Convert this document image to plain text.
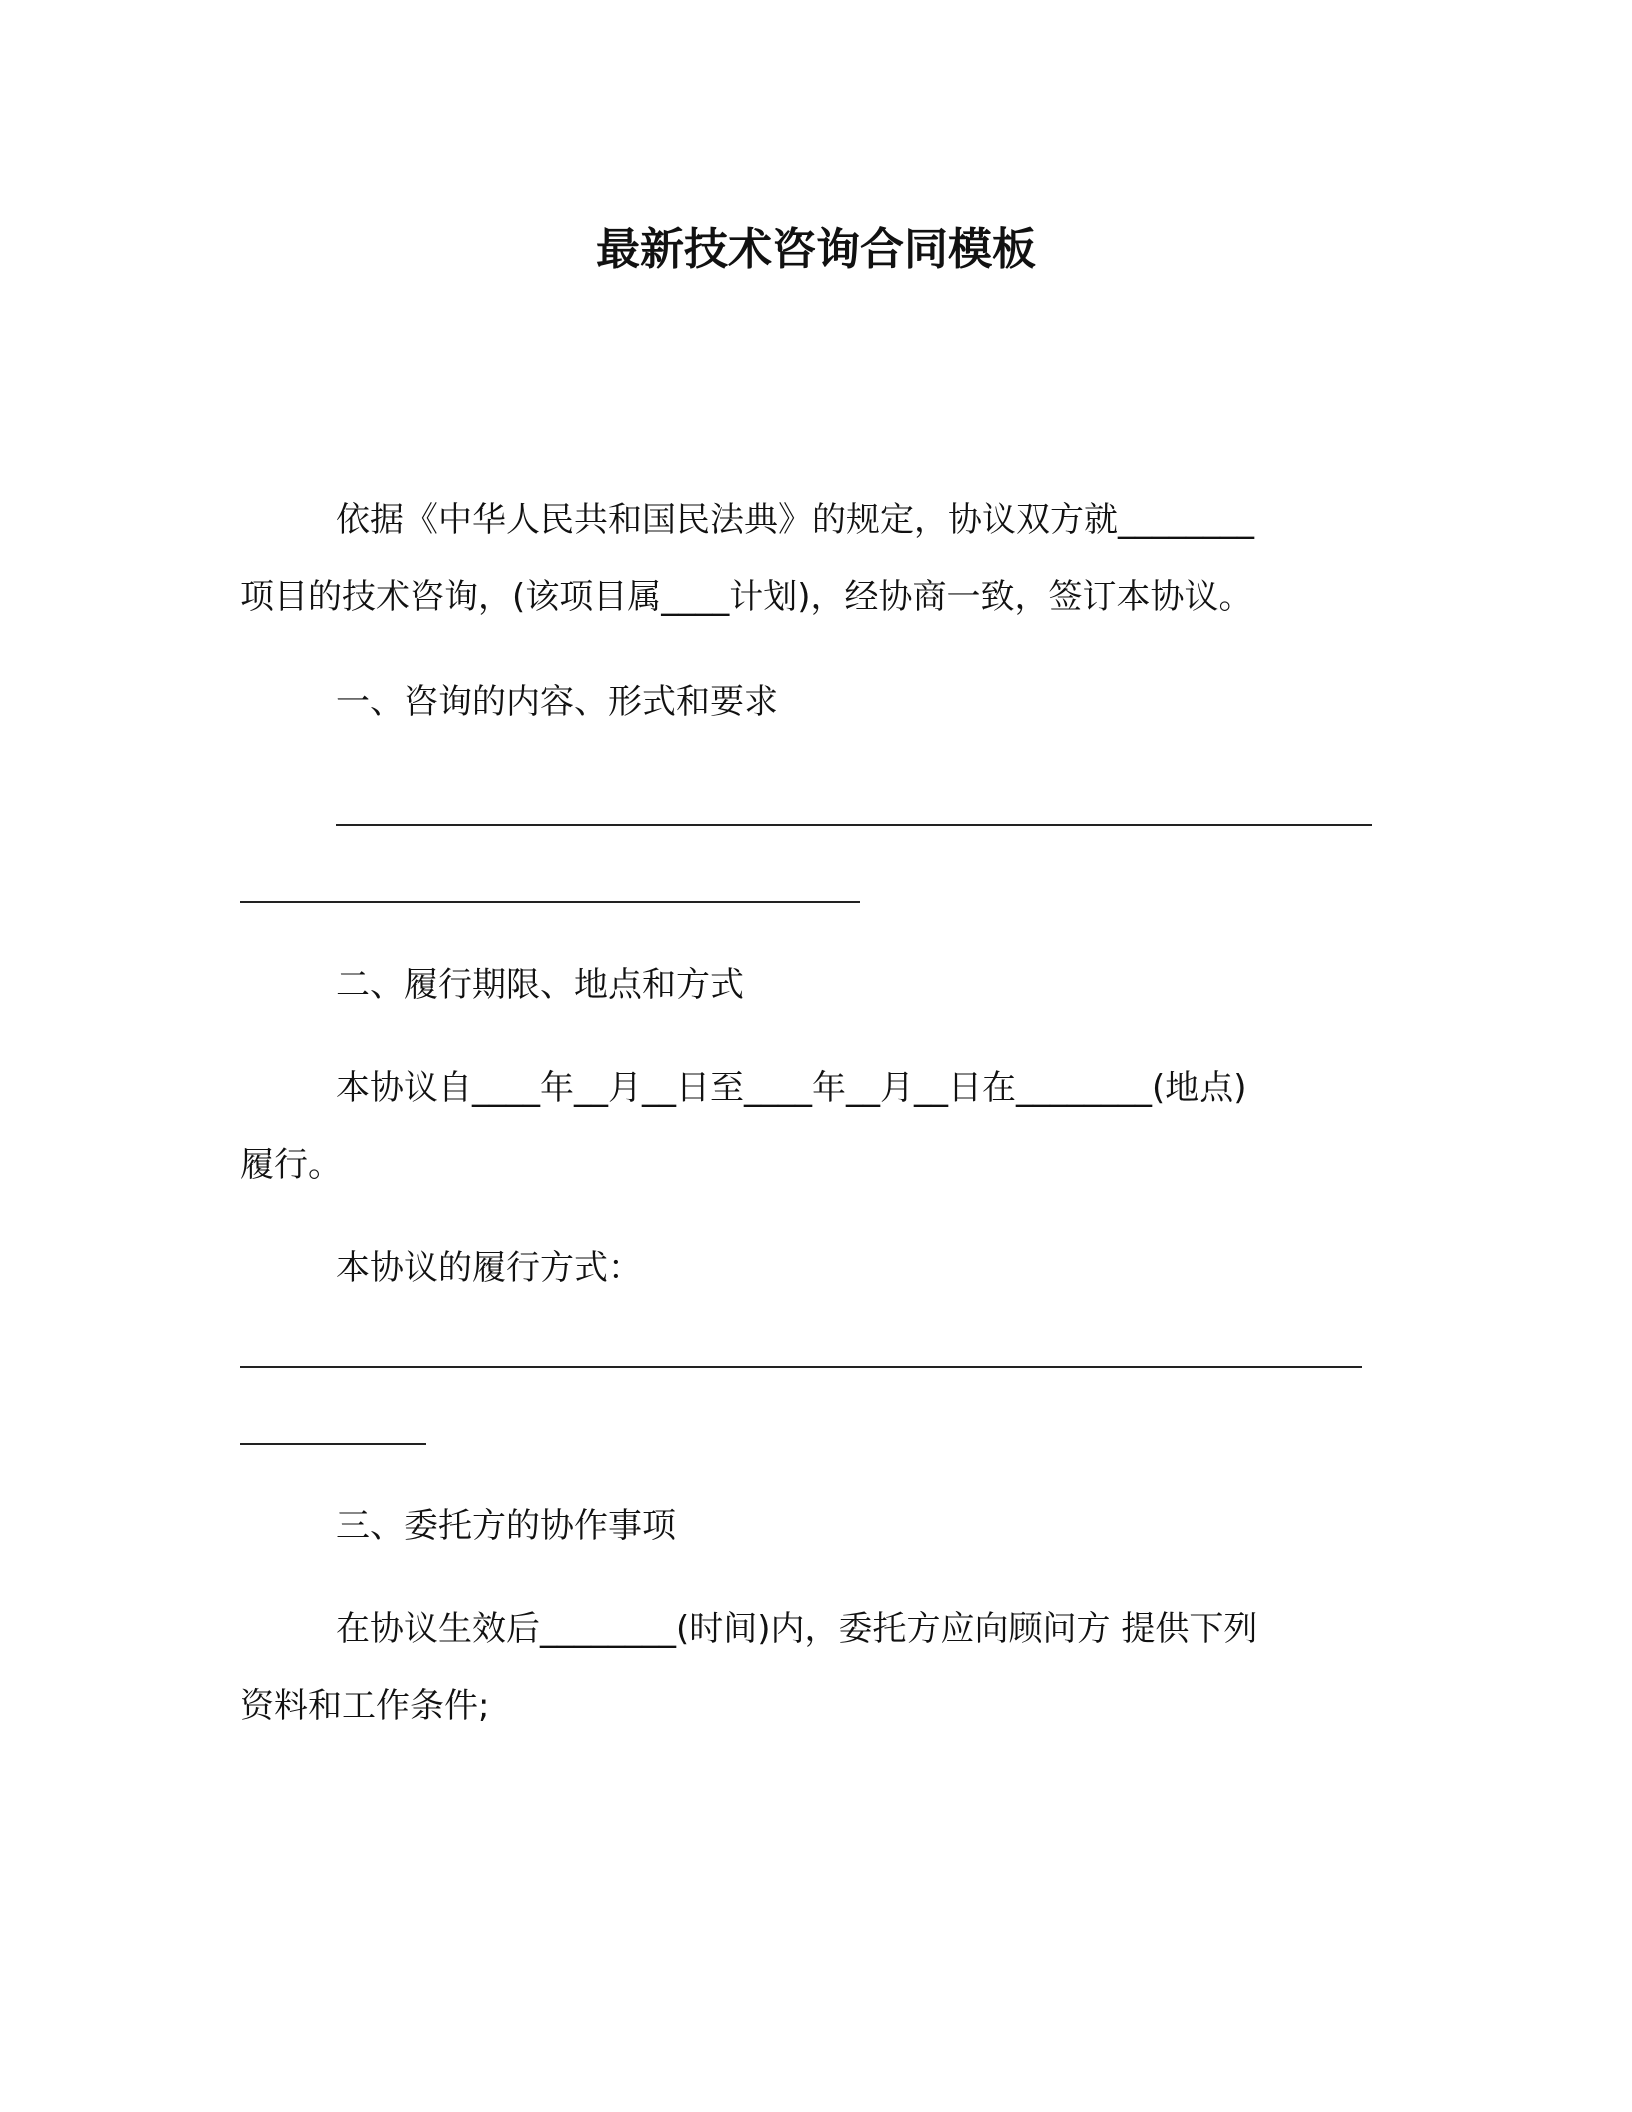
最新技术咨询合同模板
依据《中华人民共和国民法典》的规定，协议双方就________
项目的技术咨询，(该项目属____计划)，经协商一致，签订本协议。
一、咨询的内容、形式和要求
二、履行期限、地点和方式
本协议自____年__月__日至____年__月__日在________(地点)
履行。
本协议的履行方式：
三、委托方的协作事项
在协议生效后________(时间)内，委托方应向顾问方 提供下列
资料和工作条件;
